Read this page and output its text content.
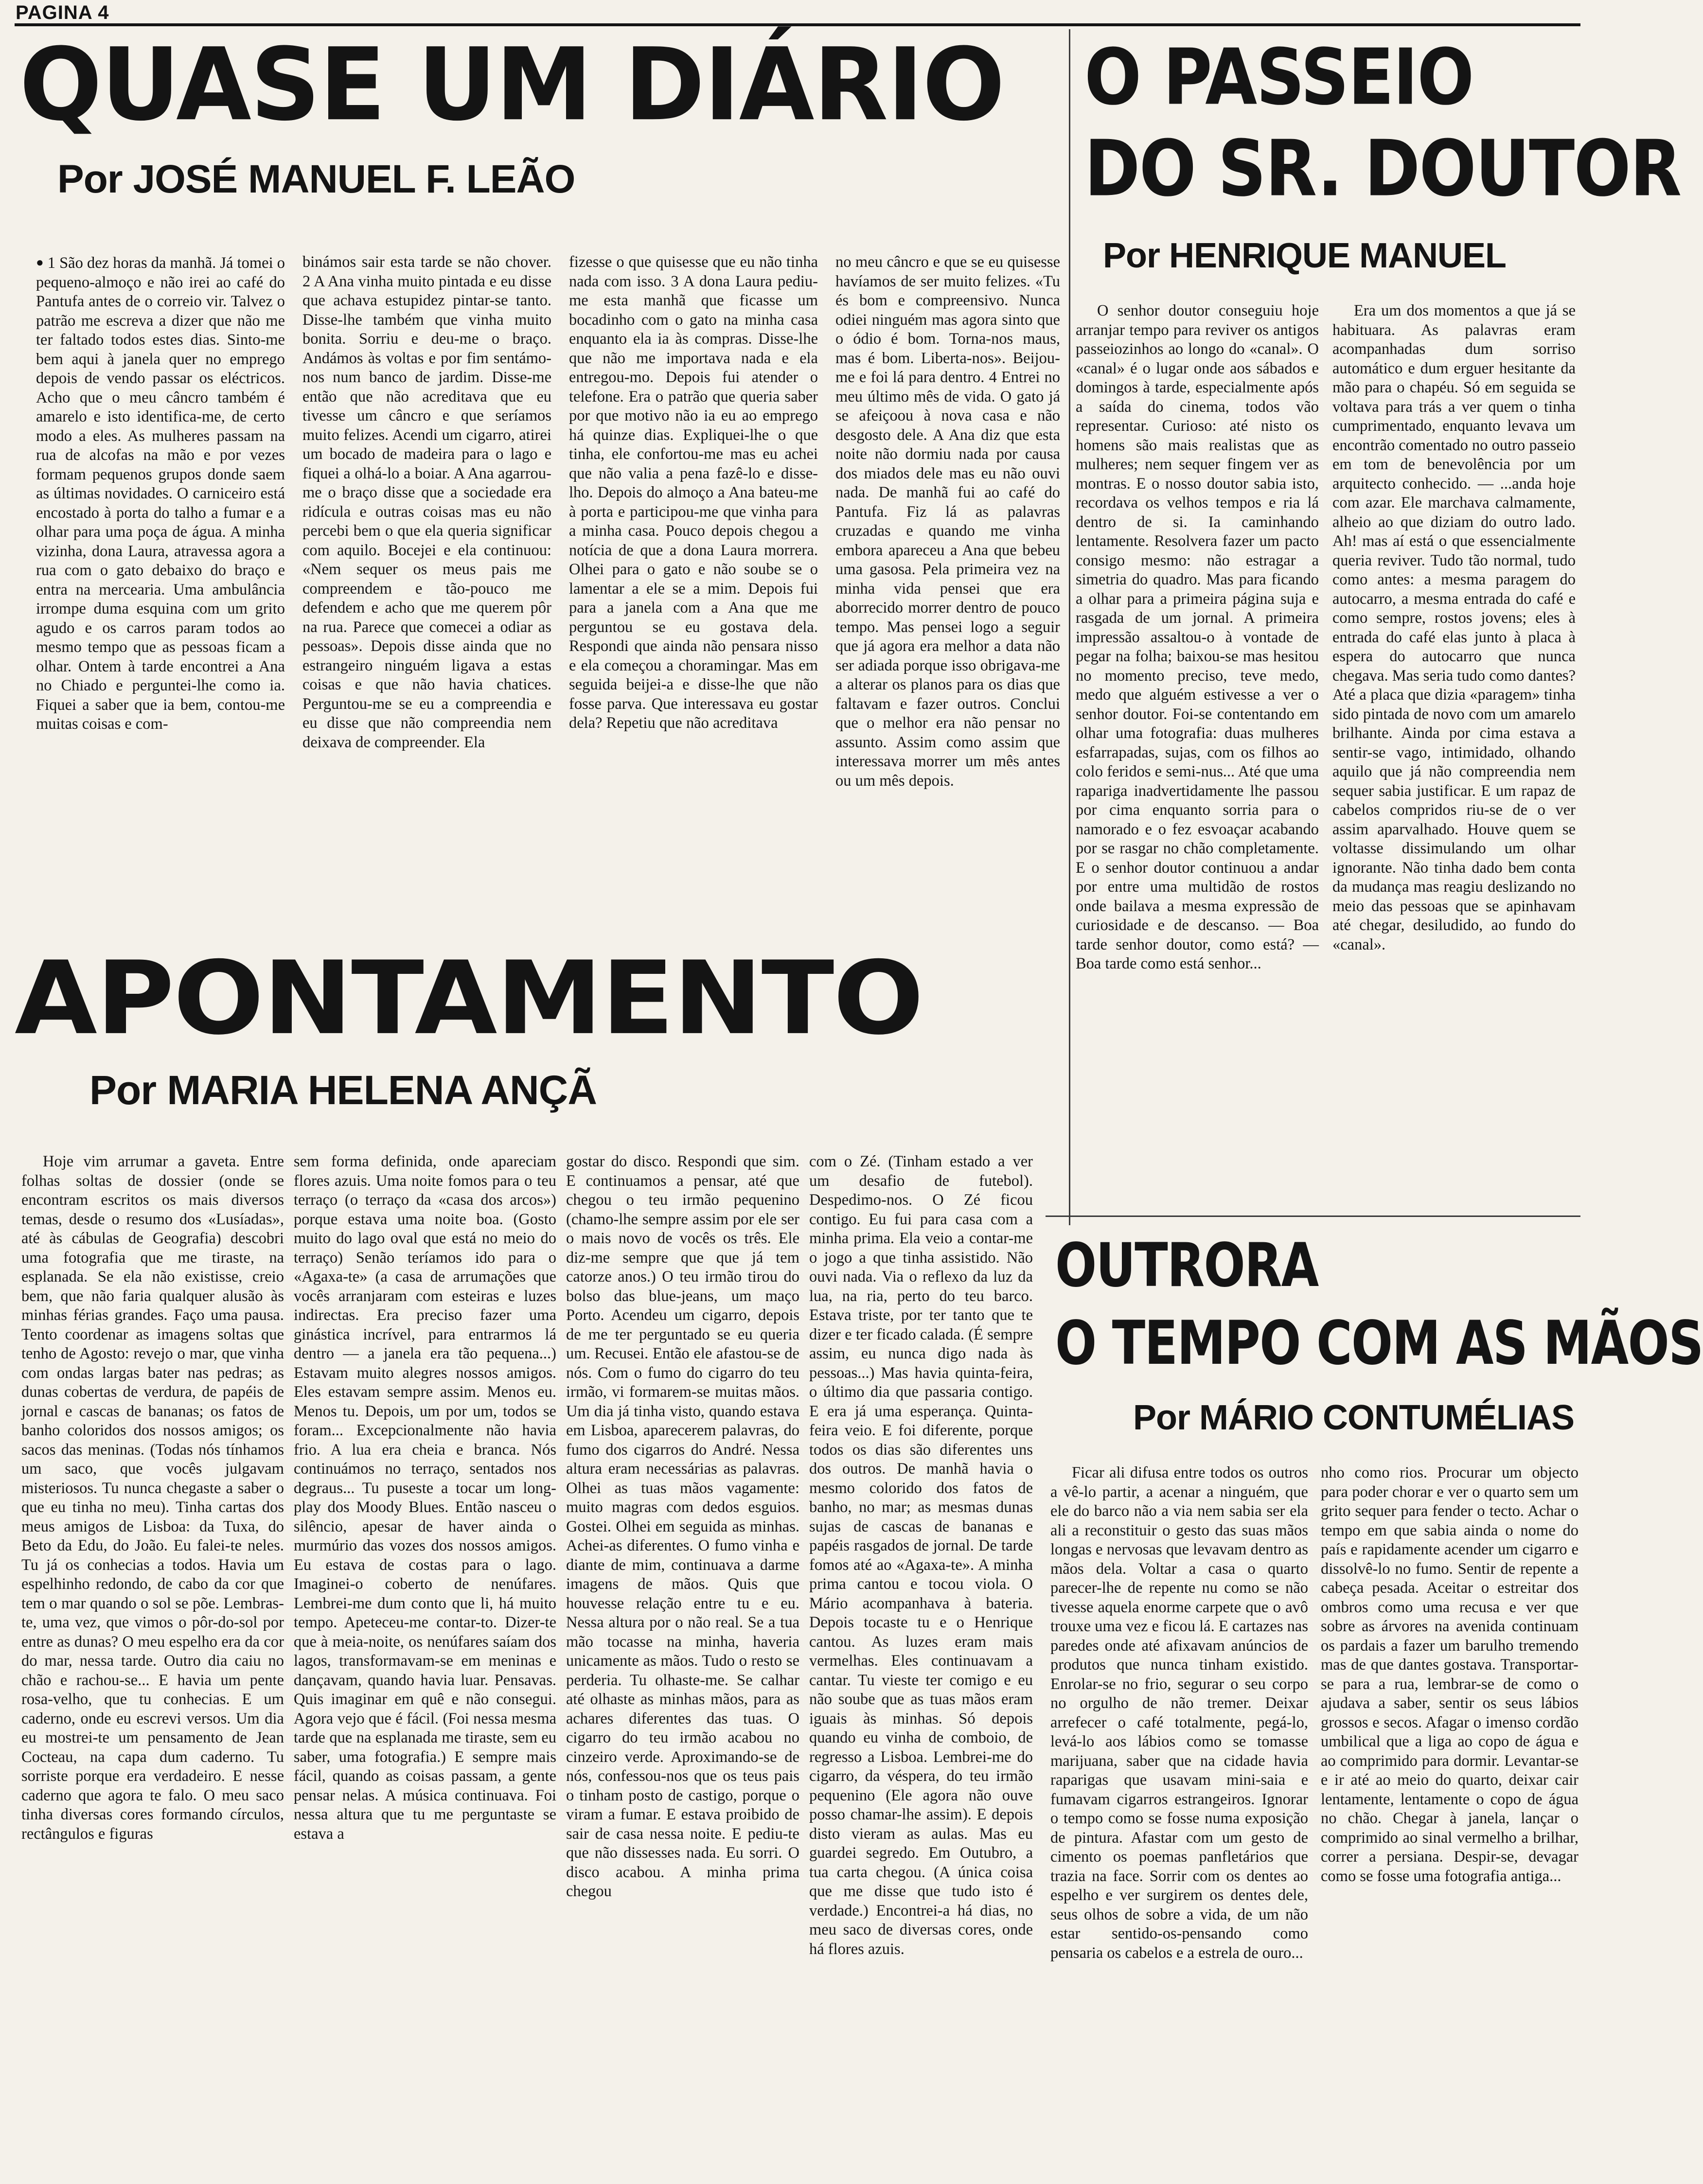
PAGINA 4
QUASE UM DIÁRIO
Por JOSÉ MANUEL F. LEÃO

● 1 São dez horas da manhã. Já tomei o pequeno-almoço e não irei ao café do Pantufa antes de o correio vir. Talvez o patrão me escreva a dizer que não me ter faltado todos estes dias. Sinto-me bem aqui à janela quer no emprego depois de vendo passar os eléctricos. Acho que o meu câncro também é amarelo e isto identifica-me, de certo modo a eles. As mulheres passam na rua de alcofas na mão e por vezes formam pequenos grupos donde saem as últimas novidades. O carniceiro está encostado à porta do talho a fumar e a olhar para uma poça de água. A minha vizinha, dona Laura, atravessa agora a rua com o gato debaixo do braço e entra na mercearia. Uma ambulância irrompe duma esquina com um grito agudo e os carros param todos ao mesmo tempo que as pessoas ficam a olhar. Ontem à tarde encontrei a Ana no Chiado e perguntei-lhe como ia. Fiquei a saber que ia bem, contou-me muitas coisas e com-

binámos sair esta tarde se não chover. 2 A Ana vinha muito pintada e eu disse que achava estupidez pintar-se tanto. Disse-lhe também que vinha muito bonita. Sorriu e deu-me o braço. Andámos às voltas e por fim sentámo-nos num banco de jardim. Disse-me então que não acreditava que eu tivesse um câncro e que seríamos muito felizes. Acendi um cigarro, atirei um bocado de madeira para o lago e fiquei a olhá-lo a boiar. A Ana agarrou-me o braço disse que a sociedade era ridícula e outras coisas mas eu não percebi bem o que ela queria significar com aquilo. Bocejei e ela continuou: «Nem sequer os meus pais me compreendem e tão-pouco me defendem e acho que me querem pôr na rua. Parece que comecei a odiar as pessoas». Depois disse ainda que no estrangeiro ninguém ligava a estas coisas e que não havia chatices. Perguntou-me se eu a compreendia e eu disse que não compreendia nem deixava de compreender. Ela

fizesse o que quisesse que eu não tinha nada com isso. 3 A dona Laura pediu-me esta manhã que ficasse um bocadinho com o gato na minha casa enquanto ela ia às compras. Disse-lhe que não me importava nada e ela entregou-mo. Depois fui atender o telefone. Era o patrão que queria saber por que motivo não ia eu ao emprego há quinze dias. Expliquei-lhe o que tinha, ele confortou-me mas eu achei que não valia a pena fazê-lo e disse-lho. Depois do almoço a Ana bateu-me à porta e participou-me que vinha para a minha casa. Pouco depois chegou a notícia de que a dona Laura morrera. Olhei para o gato e não soube se o lamentar a ele se a mim. Depois fui para a janela com a Ana que me perguntou se eu gostava dela. Respondi que ainda não pensara nisso e ela começou a choramingar. Mas em seguida beijei-a e disse-lhe que não fosse parva. Que interessava eu gostar dela? Repetiu que não acreditava

no meu câncro e que se eu quisesse havíamos de ser muito felizes. «Tu és bom e compreensivo. Nunca odiei ninguém mas agora sinto que o ódio é bom. Torna-nos maus, mas é bom. Liberta-nos». Beijou-me e foi lá para dentro. 4 Entrei no meu último mês de vida. O gato já se afeiçoou à nova casa e não desgosto dele. A Ana diz que esta noite não dormiu nada por causa dos miados dele mas eu não ouvi nada. De manhã fui ao café do Pantufa. Fiz lá as palavras cruzadas e quando me vinha embora apareceu a Ana que bebeu uma gasosa. Pela primeira vez na minha vida pensei que era aborrecido morrer dentro de pouco tempo. Mas pensei logo a seguir que já agora era melhor a data não ser adiada porque isso obrigava-me a alterar os planos para os dias que faltavam e fazer outros. Conclui que o melhor era não pensar no assunto. Assim como assim que interessava morrer um mês antes ou um mês depois.

O PASSEIO
DO SR. DOUTOR
Por HENRIQUE MANUEL

O senhor doutor conseguiu hoje arranjar tempo para reviver os antigos passeiozinhos ao longo do «canal». O «canal» é o lugar onde aos sábados e domingos à tarde, especialmente após a saída do cinema, todos vão representar. Curioso: até nisto os homens são mais realistas que as mulheres; nem sequer fingem ver as montras. E o nosso doutor sabia isto, recordava os velhos tempos e ria lá dentro de si. Ia caminhando lentamente. Resolvera fazer um pacto consigo mesmo: não estragar a simetria do quadro. Mas para ficando a olhar para a primeira página suja e rasgada de um jornal. A primeira impressão assaltou-o à vontade de pegar na folha; baixou-se mas hesitou no momento preciso, teve medo, medo que alguém estivesse a ver o senhor doutor. Foi-se contentando em olhar uma fotografia: duas mulheres esfarrapadas, sujas, com os filhos ao colo feridos e semi-nus... Até que uma rapariga inadvertidamente lhe passou por cima enquanto sorria para o namorado e o fez esvoaçar acabando por se rasgar no chão completamente. E o senhor doutor continuou a andar por entre uma multidão de rostos onde bailava a mesma expressão de curiosidade e de descanso. — Boa tarde senhor doutor, como está? — Boa tarde como está senhor...

Era um dos momentos a que já se habituara. As palavras eram acompanhadas dum sorriso automático e dum erguer hesitante da mão para o chapéu. Só em seguida se voltava para trás a ver quem o tinha cumprimentado, enquanto levava um encontrão comentado no outro passeio em tom de benevolência por um arquitecto conhecido. — ...anda hoje com azar. Ele marchava calmamente, alheio ao que diziam do outro lado. Ah! mas aí está o que essencialmente queria reviver. Tudo tão normal, tudo como antes: a mesma paragem do autocarro, a mesma entrada do café e como sempre, rostos jovens; eles à entrada do café elas junto à placa à espera do autocarro que nunca chegava. Mas seria tudo como dantes? Até a placa que dizia «paragem» tinha sido pintada de novo com um amarelo brilhante. Ainda por cima estava a sentir-se vago, intimidado, olhando aquilo que já não compreendia nem sequer sabia justificar. E um rapaz de cabelos compridos riu-se de o ver assim aparvalhado. Houve quem se voltasse dissimulando um olhar ignorante. Não tinha dado bem conta da mudança mas reagiu deslizando no meio das pessoas que se apinhavam até chegar, desiludido, ao fundo do «canal».

APONTAMENTO
Por MARIA HELENA ANÇÃ

Hoje vim arrumar a gaveta. Entre folhas soltas de dossier (onde se encontram escritos os mais diversos temas, desde o resumo dos «Lusíadas», até às cábulas de Geografia) descobri uma fotografia que me tiraste, na esplanada. Se ela não existisse, creio bem, que não faria qualquer alusão às minhas férias grandes. Faço uma pausa. Tento coordenar as imagens soltas que tenho de Agosto: revejo o mar, que vinha com ondas largas bater nas pedras; as dunas cobertas de verdura, de papéis de jornal e cascas de bananas; os fatos de banho coloridos dos nossos amigos; os sacos das meninas. (Todas nós tínhamos um saco, que vocês julgavam misteriosos. Tu nunca chegaste a saber o que eu tinha no meu). Tinha cartas dos meus amigos de Lisboa: da Tuxa, do Beto da Edu, do João. Eu falei-te neles. Tu já os conhecias a todos. Havia um espelhinho redondo, de cabo da cor que tem o mar quando o sol se põe. Lembras-te, uma vez, que vimos o pôr-do-sol por entre as dunas? O meu espelho era da cor do mar, nessa tarde. Outro dia caiu no chão e rachou-se... E havia um pente rosa-velho, que tu conhecias. E um caderno, onde eu escrevi versos. Um dia eu mostrei-te um pensamento de Jean Cocteau, na capa dum caderno. Tu sorriste porque era verdadeiro. E nesse caderno que agora te falo. O meu saco tinha diversas cores formando círculos, rectângulos e figuras

sem forma definida, onde apareciam flores azuis. Uma noite fomos para o teu terraço (o terraço da «casa dos arcos») porque estava uma noite boa. (Gosto muito do lago oval que está no meio do terraço) Senão teríamos ido para o «Agaxa-te» (a casa de arrumações que vocês arranjaram com esteiras e luzes indirectas. Era preciso fazer uma ginástica incrível, para entrarmos lá dentro — a janela era tão pequena...) Estavam muito alegres nossos amigos. Eles estavam sempre assim. Menos eu. Menos tu. Depois, um por um, todos se foram... Excepcionalmente não havia frio. A lua era cheia e branca. Nós continuámos no terraço, sentados nos degraus... Tu puseste a tocar um long-play dos Moody Blues. Então nasceu o silêncio, apesar de haver ainda o murmúrio das vozes dos nossos amigos. Eu estava de costas para o lago. Imaginei-o coberto de nenúfares. Lembrei-me dum conto que li, há muito tempo. Apeteceu-me contar-to. Dizer-te que à meia-noite, os nenúfares saíam dos lagos, transformavam-se em meninas e dançavam, quando havia luar. Pensavas. Quis imaginar em quê e não consegui. Agora vejo que é fácil. (Foi nessa mesma tarde que na esplanada me tiraste, sem eu saber, uma fotografia.) E sempre mais fácil, quando as coisas passam, a gente pensar nelas. A música continuava. Foi nessa altura que tu me perguntaste se estava a

gostar do disco. Respondi que sim. E continuamos a pensar, até que chegou o teu irmão pequenino (chamo-lhe sempre assim por ele ser o mais novo de vocês os três. Ele diz-me sempre que que já tem catorze anos.) O teu irmão tirou do bolso das blue-jeans, um maço Porto. Acendeu um cigarro, depois de me ter perguntado se eu queria um. Recusei. Então ele afastou-se de nós. Com o fumo do cigarro do teu irmão, vi formarem-se muitas mãos. Um dia já tinha visto, quando estava em Lisboa, aparecerem palavras, do fumo dos cigarros do André. Nessa altura eram necessárias as palavras. Olhei as tuas mãos vagamente: muito magras com dedos esguios. Gostei. Olhei em seguida as minhas. Achei-as diferentes. O fumo vinha e diante de mim, continuava a darme imagens de mãos. Quis que houvesse relação entre tu e eu. Nessa altura por o não real. Se a tua mão tocasse na minha, haveria unicamente as mãos. Tudo o resto se perderia. Tu olhaste-me. Se calhar até olhaste as minhas mãos, para as achares diferentes das tuas. O cigarro do teu irmão acabou no cinzeiro verde. Aproximando-se de nós, confessou-nos que os teus pais o tinham posto de castigo, porque o viram a fumar. E estava proibido de sair de casa nessa noite. E pediu-te que não dissesses nada. Eu sorri. O disco acabou. A minha prima chegou

com o Zé. (Tinham estado a ver um desafio de futebol). Despedimo-nos. O Zé ficou contigo. Eu fui para casa com a minha prima. Ela veio a contar-me o jogo a que tinha assistido. Não ouvi nada. Via o reflexo da luz da lua, na ria, perto do teu barco. Estava triste, por ter tanto que te dizer e ter ficado calada. (É sempre assim, eu nunca digo nada às pessoas...) Mas havia quinta-feira, o último dia que passaria contigo. E era já uma esperança. Quinta-feira veio. E foi diferente, porque todos os dias são diferentes uns dos outros. De manhã havia o mesmo colorido dos fatos de banho, no mar; as mesmas dunas sujas de cascas de bananas e papéis rasgados de jornal. De tarde fomos até ao «Agaxa-te». A minha prima cantou e tocou viola. O Mário acompanhava à bateria. Depois tocaste tu e o Henrique cantou. As luzes eram mais vermelhas. Eles continuavam a cantar. Tu vieste ter comigo e eu não soube que as tuas mãos eram iguais às minhas. Só depois quando eu vinha de comboio, de regresso a Lisboa. Lembrei-me do cigarro, da véspera, do teu irmão pequenino (Ele agora não ouve posso chamar-lhe assim). E depois disto vieram as aulas. Mas eu guardei segredo. Em Outubro, a tua carta chegou. (A única coisa que me disse que tudo isto é verdade.) Encontrei-a há dias, no meu saco de diversas cores, onde há flores azuis.

OUTRORA
O TEMPO COM AS MÃOS
Por MÁRIO CONTUMÉLIAS

Ficar ali difusa entre todos os outros a vê-lo partir, a acenar a ninguém, que ele do barco não a via nem sabia ser ela ali a reconstituir o gesto das suas mãos longas e nervosas que levavam dentro as mãos dela. Voltar a casa o quarto parecer-lhe de repente nu como se não tivesse aquela enorme carpete que o avô trouxe uma vez e ficou lá. E cartazes nas paredes onde até afixavam anúncios de produtos que nunca tinham existido. Enrolar-se no frio, segurar o seu corpo no orgulho de não tremer. Deixar arrefecer o café totalmente, pegá-lo, levá-lo aos lábios como se tomasse marijuana, saber que na cidade havia raparigas que usavam mini-saia e fumavam cigarros estrangeiros. Ignorar o tempo como se fosse numa exposição de pintura. Afastar com um gesto de cimento os poemas panfletários que trazia na face. Sorrir com os dentes ao espelho e ver surgirem os dentes dele, seus olhos de sobre a vida, de um não estar sentido-os-pensando como pensaria os cabelos e a estrela de ouro...

nho como rios. Procurar um objecto para poder chorar e ver o quarto sem um grito sequer para fender o tecto. Achar o tempo em que sabia ainda o nome do país e rapidamente acender um cigarro e dissolvê-lo no fumo. Sentir de repente a cabeça pesada. Aceitar o estreitar dos ombros como uma recusa e ver que sobre as árvores na avenida continuam os pardais a fazer um barulho tremendo mas de que dantes gostava. Transportar-se para a rua, lembrar-se de como o ajudava a saber, sentir os seus lábios grossos e secos. Afagar o imenso cordão umbilical que a liga ao copo de água e ao comprimido para dormir. Levantar-se e ir até ao meio do quarto, deixar cair lentamente, lentamente o copo de água no chão. Chegar à janela, lançar o comprimido ao sinal vermelho a brilhar, correr a persiana. Despir-se, devagar como se fosse uma fotografia antiga...
